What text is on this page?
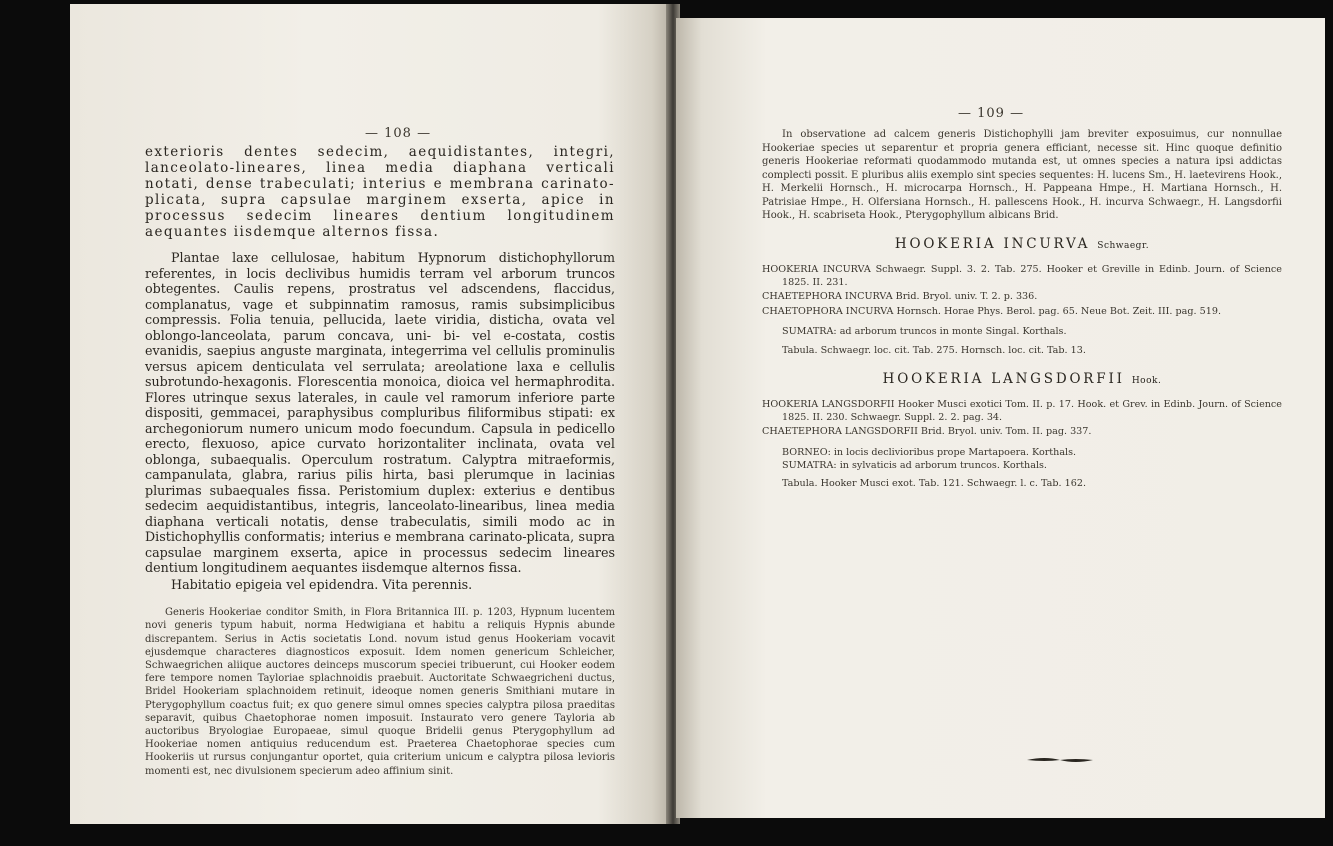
— 108 —

exterioris dentes sedecim, aequidistantes, integri, lanceolato-lineares, linea media diaphana verticali notati, dense trabeculati; interius e membrana carinato-plicata, supra capsulae marginem exserta, apice in processus sedecim lineares dentium longitudinem aequantes iisdemque alternos fissa.

Plantae laxe cellulosae, habitum Hypnorum distichophyllorum referentes, in locis declivibus humidis terram vel arborum truncos obtegentes. Caulis repens, prostratus vel adscendens, flaccidus, complanatus, vage et subpinnatim ramosus, ramis subsimplicibus compressis. Folia tenuia, pellucida, laete viridia, disticha, ovata vel oblongo-lanceolata, parum concava, uni- bi- vel e-costata, costis evanidis, saepius anguste marginata, integerrima vel cellulis prominulis versus apicem denticulata vel serrulata; areolatione laxa e cellulis subrotundo-hexagonis. Florescentia monoica, dioica vel hermaphrodita. Flores utrinque sexus laterales, in caule vel ramorum inferiore parte dispositi, gemmacei, paraphysibus compluribus filiformibus stipati: ex archegoniorum numero unicum modo foecundum. Capsula in pedicello erecto, flexuoso, apice curvato horizontaliter inclinata, ovata vel oblonga, subaequalis. Operculum rostratum. Calyptra mitraeformis, campanulata, glabra, rarius pilis hirta, basi plerumque in lacinias plurimas subaequales fissa. Peristomium duplex: exterius e dentibus sedecim aequidistantibus, integris, lanceolato-linearibus, linea media diaphana verticali notatis, dense trabeculatis, simili modo ac in Distichophyllis conformatis; interius e membrana carinato-plicata, supra capsulae marginem exserta, apice in processus sedecim lineares dentium longitudinem aequantes iisdemque alternos fissa.

Habitatio epigeia vel epidendra. Vita perennis.

Generis Hookeriae conditor Smith, in Flora Britannica III. p. 1203, Hypnum lucentem novi generis typum habuit, norma Hedwigiana et habitu a reliquis Hypnis abunde discrepantem. Serius in Actis societatis Lond. novum istud genus Hookeriam vocavit ejusdemque characteres diagnosticos exposuit. Idem nomen genericum Schleicher, Schwaegrichen aliique auctores deinceps muscorum speciei tribuerunt, cui Hooker eodem fere tempore nomen Tayloriae splachnoidis praebuit. Auctoritate Schwaegricheni ductus, Bridel Hookeriam splachnoidem retinuit, ideoque nomen generis Smithiani mutare in Pterygophyllum coactus fuit; ex quo genere simul omnes species calyptra pilosa praeditas separavit, quibus Chaetophorae nomen imposuit. Instaurato vero genere Tayloria ab auctoribus Bryologiae Europaeae, simul quoque Bridelii genus Pterygophyllum ad Hookeriae nomen antiquius reducendum est. Praeterea Chaetophorae species cum Hookeriis ut rursus conjungantur oportet, quia criterium unicum e calyptra pilosa levioris momenti est, nec divulsionem specierum adeo affinium sinit.

— 109 —

In observatione ad calcem generis Distichophylli jam breviter exposuimus, cur nonnullae Hookeriae species ut separentur et propria genera efficiant, necesse sit. Hinc quoque definitio generis Hookeriae reformati quodammodo mutanda est, ut omnes species a natura ipsi addictas complecti possit. E pluribus aliis exemplo sint species sequentes: H. lucens Sm., H. laetevirens Hook., H. Merkelii Hornsch., H. microcarpa Hornsch., H. Pappeana Hmpe., H. Martiana Hornsch., H. Patrisiae Hmpe., H. Olfersiana Hornsch., H. pallescens Hook., H. incurva Schwaegr., H. Langsdorfii Hook., H. scabriseta Hook., Pterygophyllum albicans Brid.

HOOKERIA INCURVA Schwaegr.

HOOKERIA INCURVA Schwaegr. Suppl. 3. 2. Tab. 275. Hooker et Greville in Edinb. Journ. of Science 1825. II. 231.

CHAETEPHORA INCURVA Brid. Bryol. univ. T. 2. p. 336.

CHAETOPHORA INCURVA Hornsch. Horae Phys. Berol. pag. 65. Neue Bot. Zeit. III. pag. 519.

SUMATRA: ad arborum truncos in monte Singal. Korthals.

Tabula. Schwaegr. loc. cit. Tab. 275. Hornsch. loc. cit. Tab. 13.

HOOKERIA LANGSDORFII Hook.

HOOKERIA LANGSDORFII Hooker Musci exotici Tom. II. p. 17. Hook. et Grev. in Edinb. Journ. of Science 1825. II. 230. Schwaegr. Suppl. 2. 2. pag. 34.

CHAETEPHORA LANGSDORFII Brid. Bryol. univ. Tom. II. pag. 337.

BORNEO: in locis declivioribus prope Martapoera. Korthals.

SUMATRA: in sylvaticis ad arborum truncos. Korthals.

Tabula. Hooker Musci exot. Tab. 121. Schwaegr. l. c. Tab. 162.
